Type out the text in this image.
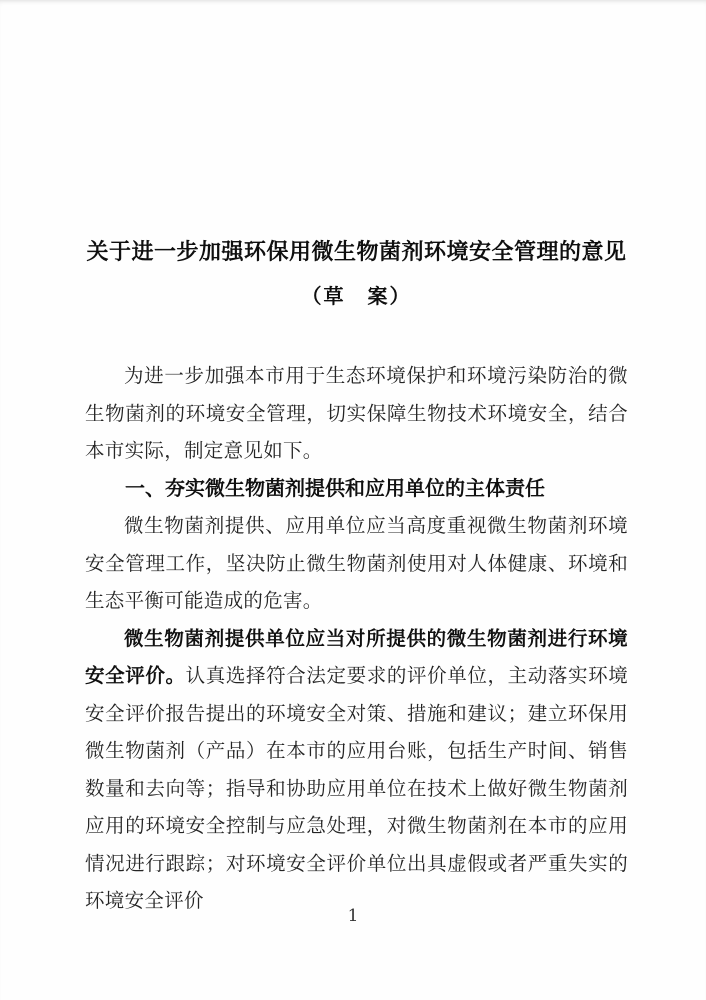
关于进一步加强环保用微生物菌剂环境安全管理的意见
（草　案）

为进一步加强本市用于生态环境保护和环境污染防治的微生物菌剂的环境安全管理，切实保障生物技术环境安全，结合本市实际，制定意见如下。

一、夯实微生物菌剂提供和应用单位的主体责任

微生物菌剂提供、应用单位应当高度重视微生物菌剂环境安全管理工作，坚决防止微生物菌剂使用对人体健康、环境和生态平衡可能造成的危害。

微生物菌剂提供单位应当对所提供的微生物菌剂进行环境安全评价。认真选择符合法定要求的评价单位，主动落实环境安全评价报告提出的环境安全对策、措施和建议；建立环保用微生物菌剂（产品）在本市的应用台账，包括生产时间、销售数量和去向等；指导和协助应用单位在技术上做好微生物菌剂应用的环境安全控制与应急处理，对微生物菌剂在本市的应用情况进行跟踪；对环境安全评价单位出具虚假或者严重失实的环境安全评价

1
